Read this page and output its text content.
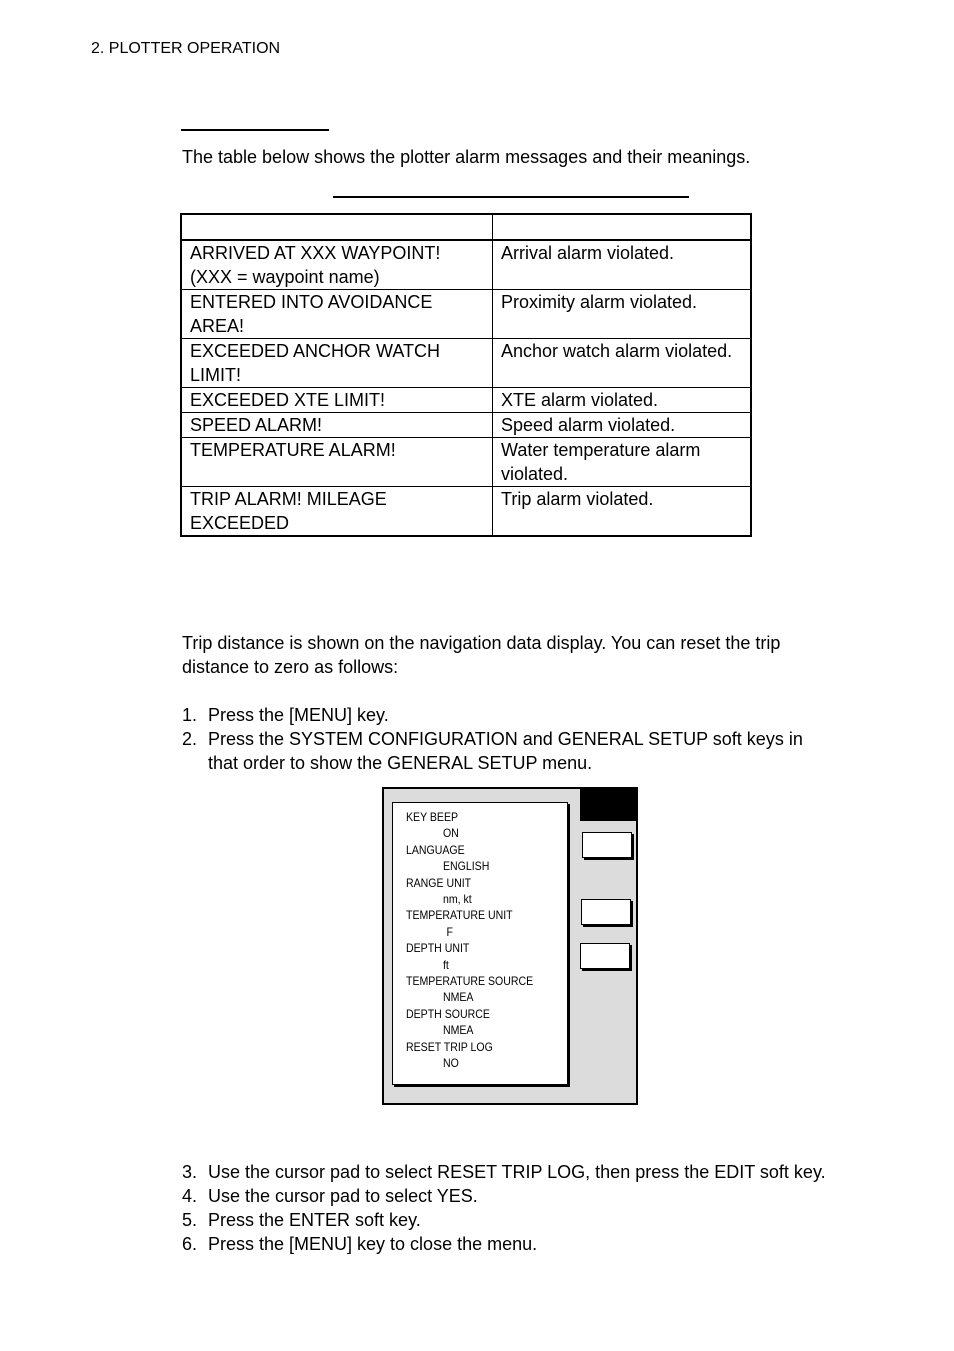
2. PLOTTER OPERATION
The table below shows the plotter alarm messages and their meanings.

ARRIVED AT XXX WAYPOINT!
(XXX = waypoint name)	Arrival alarm violated.

ENTERED INTO AVOIDANCE
AREA!	Proximity alarm violated.

EXCEEDED ANCHOR WATCH
LIMIT!	Anchor watch alarm violated.

EXCEEDED XTE LIMIT!	XTE alarm violated.

SPEED ALARM!	Speed alarm violated.

TEMPERATURE ALARM!	Water temperature alarm
violated.

TRIP ALARM! MILEAGE
EXCEEDED	Trip alarm violated.
Trip distance is shown on the navigation data display. You can reset the trip
distance to zero as follows:
1. Press the [MENU] key.
2. Press the SYSTEM CONFIGURATION and GENERAL SETUP soft keys in
that order to show the GENERAL SETUP menu.
KEY BEEP
ON
LANGUAGE
ENGLISH
RANGE UNIT
nm, kt
TEMPERATURE UNIT
F
DEPTH UNIT
ft
TEMPERATURE SOURCE
NMEA
DEPTH SOURCE
NMEA
RESET TRIP LOG
NO
3. Use the cursor pad to select RESET TRIP LOG, then press the EDIT soft key.
4. Use the cursor pad to select YES.
5. Press the ENTER soft key.
6. Press the [MENU] key to close the menu.
